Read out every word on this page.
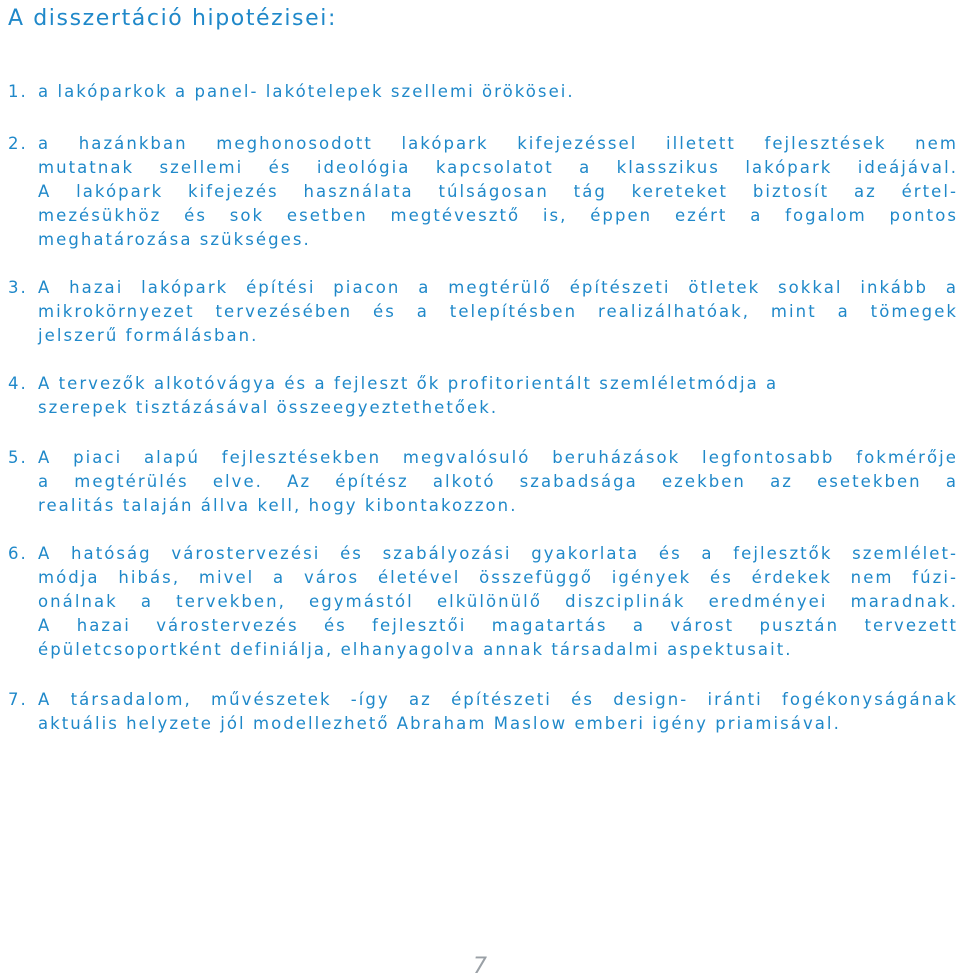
A disszertáció hipotézisei:
1. a lakóparkok a panel- lakótelepek szellemi örökösei.
2. a hazánkban meghonosodott lakópark kifejezéssel illetett fejlesztések nem
mutatnak szellemi és ideológia kapcsolatot a klasszikus lakópark ideájával.
A lakópark kifejezés használata túlságosan tág kereteket biztosít az értel-
mezésükhöz és sok esetben megtévesztő is, éppen ezért a fogalom pontos
meghatározása szükséges.
3. A hazai lakópark építési piacon a megtérülő építészeti ötletek sokkal inkább a
mikrokörnyezet tervezésében és a telepítésben realizálhatóak, mint a tömegek
jelszerű formálásban.
4. A tervezők alkotóvágya és a fejleszt ők profitorientált szemléletmódja a
szerepek tisztázásával összeegyeztethetőek.
5. A piaci alapú fejlesztésekben megvalósuló beruházások legfontosabb fokmérője
a megtérülés elve. Az építész alkotó szabadsága ezekben az esetekben a
realitás talaján állva kell, hogy kibontakozzon.
6. A hatóság várostervezési és szabályozási gyakorlata és a fejlesztők szemlélet-
módja hibás, mivel a város életével összefüggő igények és érdekek nem fúzi-
onálnak a tervekben, egymástól elkülönülő diszciplinák eredményei maradnak.
A hazai várostervezés és fejlesztői magatartás a várost pusztán tervezett
épületcsoportként definiálja, elhanyagolva annak társadalmi aspektusait.
7. A társadalom, művészetek -így az építészeti és design- iránti fogékonyságának
aktuális helyzete jól modellezhető Abraham Maslow emberi igény priamisával.
7
